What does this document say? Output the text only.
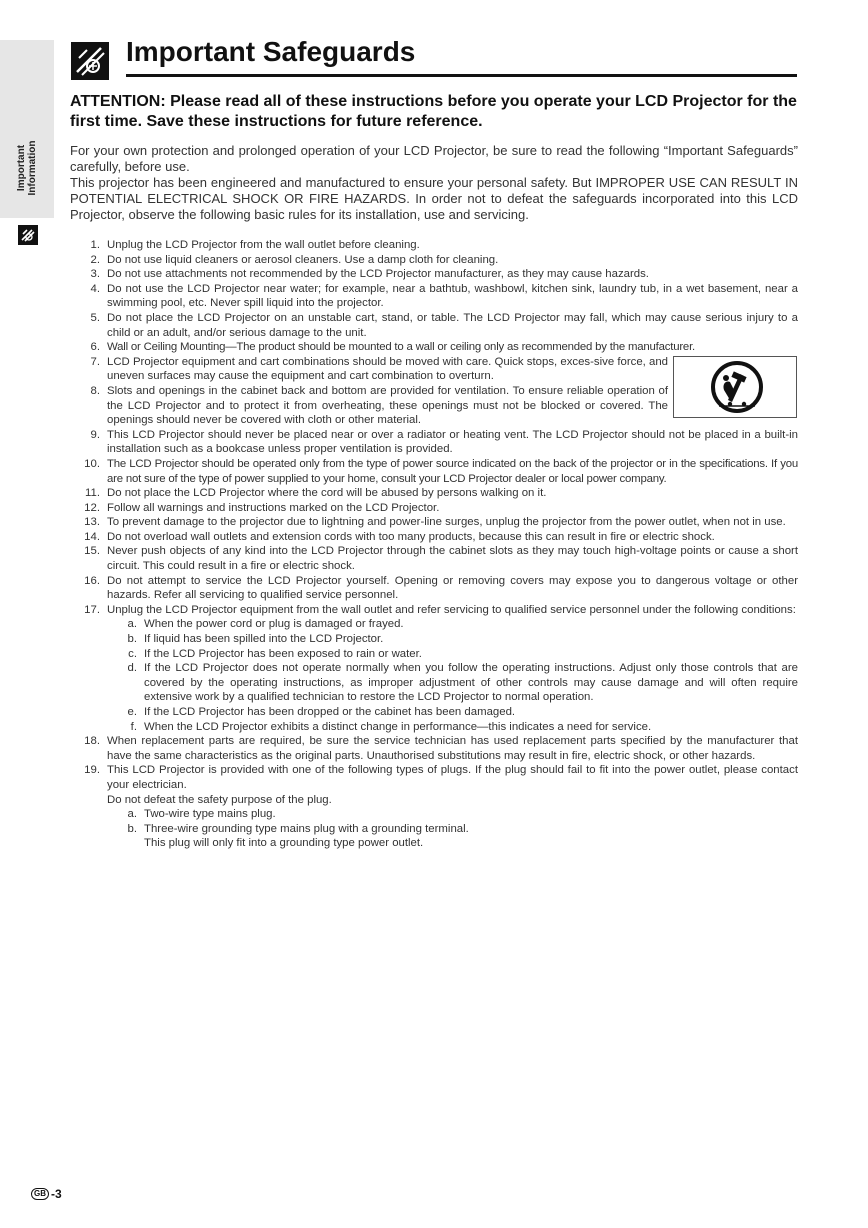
Important Information
Important Safeguards

ATTENTION: Please read all of these instructions before you operate your LCD Projector for the first time. Save these instructions for future reference.

For your own protection and prolonged operation of your LCD Projector, be sure to read the following “Important Safeguards” carefully, before use.

This projector has been engineered and manufactured to ensure your personal safety. But IMPROPER USE CAN RESULT IN POTENTIAL ELECTRICAL SHOCK OR FIRE HAZARDS. In order not to defeat the safeguards incorporated into this LCD Projector, observe the following basic rules for its installation, use and servicing.

1. Unplug the LCD Projector from the wall outlet before cleaning.
2. Do not use liquid cleaners or aerosol cleaners. Use a damp cloth for cleaning.
3. Do not use attachments not recommended by the LCD Projector manufacturer, as they may cause hazards.
4. Do not use the LCD Projector near water; for example, near a bathtub, washbowl, kitchen sink, laundry tub, in a wet basement, near a swimming pool, etc. Never spill liquid into the projector.
5. Do not place the LCD Projector on an unstable cart, stand, or table. The LCD Projector may fall, which may cause serious injury to a child or an adult, and/or serious damage to the unit.
6. Wall or Ceiling Mounting—The product should be mounted to a wall or ceiling only as recommended by the manufacturer.
7. LCD Projector equipment and cart combinations should be moved with care. Quick stops, exces-sive force, and uneven surfaces may cause the equipment and cart combination to overturn.
8. Slots and openings in the cabinet back and bottom are provided for ventilation. To ensure reliable operation of the LCD Projector and to protect it from overheating, these openings must not be blocked or covered. The openings should never be covered with cloth or other material.
9. This LCD Projector should never be placed near or over a radiator or heating vent. The LCD Projector should not be placed in a built-in installation such as a bookcase unless proper ventilation is provided.
10. The LCD Projector should be operated only from the type of power source indicated on the back of the projector or in the specifications. If you are not sure of the type of power supplied to your home, consult your LCD Projector dealer or local power company.
11. Do not place the LCD Projector where the cord will be abused by persons walking on it.
12. Follow all warnings and instructions marked on the LCD Projector.
13. To prevent damage to the projector due to lightning and power-line surges, unplug the projector from the power outlet, when not in use.
14. Do not overload wall outlets and extension cords with too many products, because this can result in fire or electric shock.
15. Never push objects of any kind into the LCD Projector through the cabinet slots as they may touch high-voltage points or cause a short circuit. This could result in a fire or electric shock.
16. Do not attempt to service the LCD Projector yourself. Opening or removing covers may expose you to dangerous voltage or other hazards. Refer all servicing to qualified service personnel.
17. Unplug the LCD Projector equipment from the wall outlet and refer servicing to qualified service personnel under the following conditions:
a. When the power cord or plug is damaged or frayed.
b. If liquid has been spilled into the LCD Projector.
c. If the LCD Projector has been exposed to rain or water.
d. If the LCD Projector does not operate normally when you follow the operating instructions. Adjust only those controls that are covered by the operating instructions, as improper adjustment of other controls may cause damage and will often require extensive work by a qualified technician to restore the LCD Projector to normal operation.
e. If the LCD Projector has been dropped or the cabinet has been damaged.
f. When the LCD Projector exhibits a distinct change in performance—this indicates a need for service.
18. When replacement parts are required, be sure the service technician has used replacement parts specified by the manufacturer that have the same characteristics as the original parts. Unauthorised substitutions may result in fire, electric shock, or other hazards.
19. This LCD Projector is provided with one of the following types of plugs. If the plug should fail to fit into the power outlet, please contact your electrician.
Do not defeat the safety purpose of the plug.
a. Two-wire type mains plug.
b. Three-wire grounding type mains plug with a grounding terminal.
This plug will only fit into a grounding type power outlet.
GB -3
